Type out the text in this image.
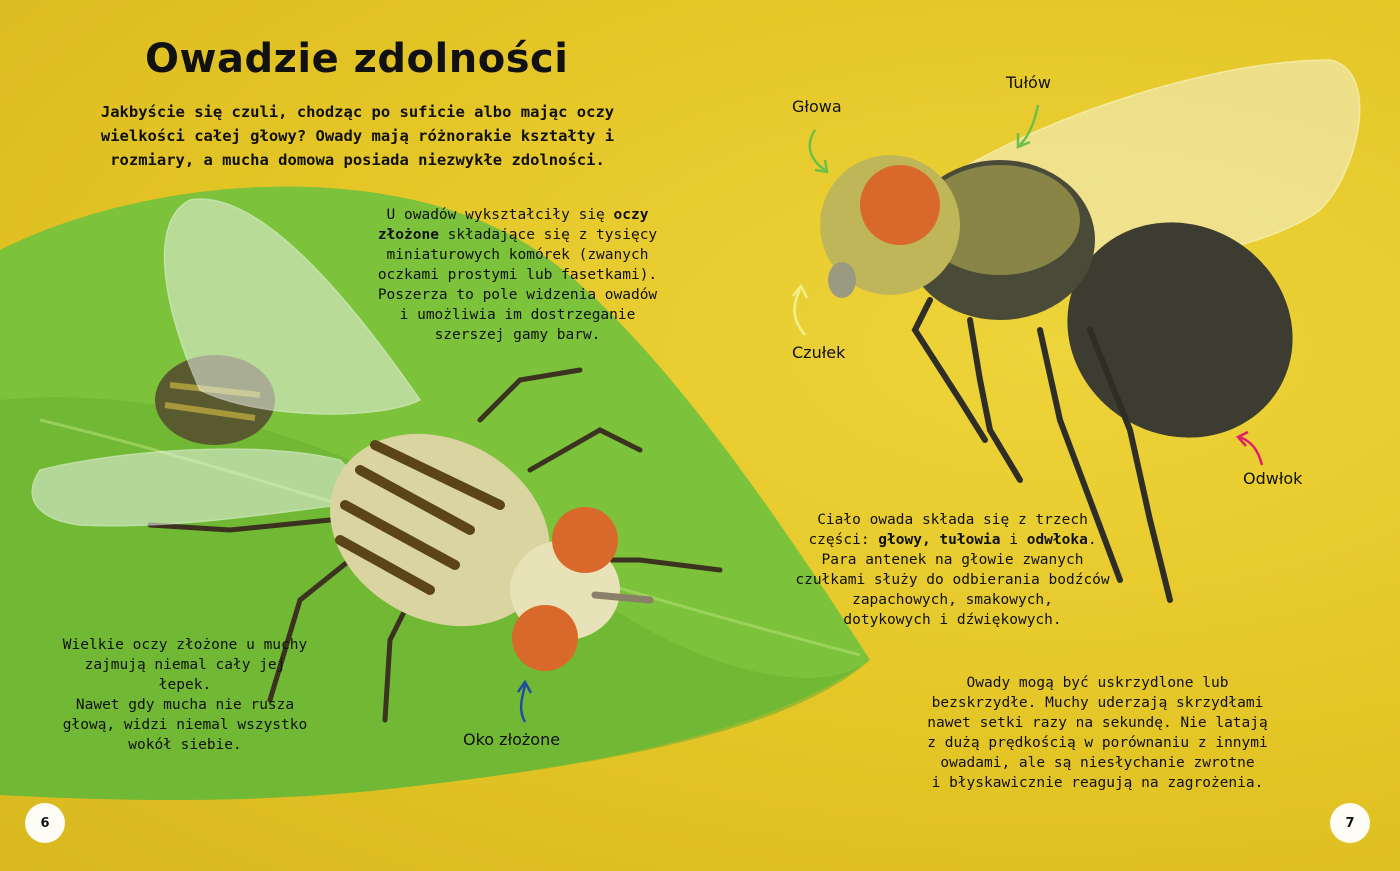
Owadzie zdolności
Jakbyście się czuli, chodząc po suficie albo mając oczy wielkości całej głowy? Owady mają różnorakie kształty i rozmiary, a mucha domowa posiada niezwykłe zdolności.
U owadów wykształciły się oczy
złożone składające się z tysięcy
miniaturowych komórek (zwanych
oczkami prostymi lub fasetkami).
Poszerza to pole widzenia owadów
i umożliwia im dostrzeganie
szerszej gamy barw.
Wielkie oczy złożone u muchy
zajmują niemal cały jej łepek.
Nawet gdy mucha nie rusza
głową, widzi niemal wszystko
wokół siebie.
Ciało owada składa się z trzech
części: głowy, tułowia i odwłoka.
Para antenek na głowie zwanych
czułkami służy do odbierania bodźców
zapachowych, smakowych,
dotykowych i dźwiękowych.
Owady mogą być uskrzydlone lub
bezskrzydłe. Muchy uderzają skrzydłami
nawet setki razy na sekundę. Nie latają
z dużą prędkością w porównaniu z innymi
owadami, ale są niesłychanie zwrotne
i błyskawicznie reagują na zagrożenia.
Oko złożone
Głowa
Tułów
Czułek
Odwłok
6	7
